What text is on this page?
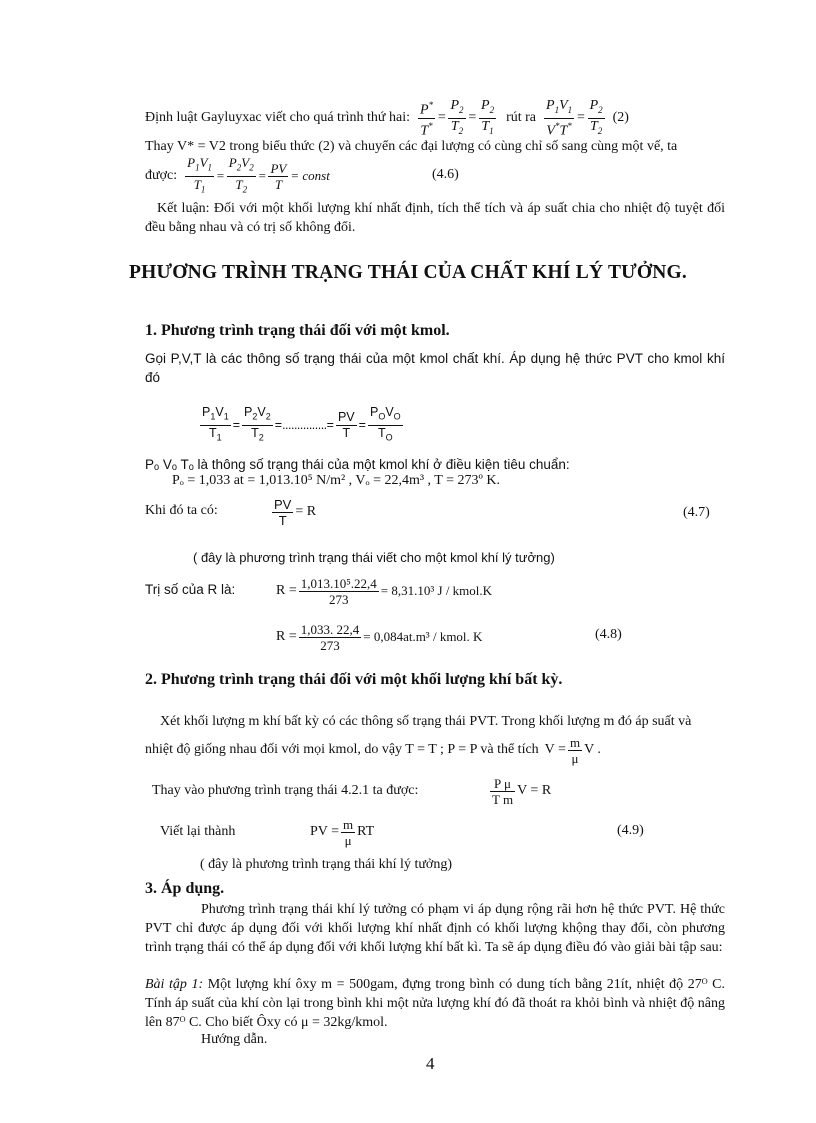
Định luật Gayluyxac viết cho quá trình thứ hai: $\frac{P^*}{T^*} = \frac{P_2}{T_2} = \frac{P_2}{T_1}$ rút ra $\frac{P_1V_1}{V^*T^*} = \frac{P_2}{T_2} (2)$
Thay V* = V2 trong biểu thức (2) và chuyển các đại lượng có cùng chỉ số sang cùng một vế, ta
được: $\frac{P_1V_1}{T_1} = \frac{P_2V_2}{T_2} = \frac{PV}{T}$ = const	(4.6)
Kết luận: Đối với một khối lượng khí nhất định, tích thể tích và áp suất chia cho nhiệt độ tuyệt đối đều bằng nhau và có trị số không đổi.
PHƯƠNG TRÌNH TRẠNG THÁI CỦA CHẤT KHÍ LÝ TƯỞNG.
1. Phương trình trạng thái đối với một kmol.
Gọi P,V,T là các thông số trạng thái của một kmol chất khí. Áp dụng hệ thức PVT cho kmol khí đó
$\frac{P_1V_1}{T_1} = \frac{P_2V_2}{T_2}$ = ............... = $\frac{PV}{T} = \frac{P_OV_O}{T_O}$
Pₒ Vₒ Tₒ là thông số trạng thái của một kmol khí ở điều kiện tiêu chuẩn:
Pₒ = 1,033 at = 1,013.10⁵ N/m² , Vₒ = 22,4m³ , T = 273º K.
Khi đó ta có:	$\frac{PV}{T} = R$	(4.7)
( đây là phương trình trạng thái viết cho một kmol khí lý tưởng)
Trị số của R là:	$R = \frac{\text{1,013.10⁵.22,4}}{273} = 8,31.10^3$ J / kmol.K
$R = \frac{1,033. 22,4}{273} = 0,084at.m^3$ / kmol. K	(4.8)
2. Phương trình trạng thái đối với một khối lượng khí bất kỳ.
Xét khối lượng m khí bất kỳ có các thông số trạng thái PVT. Trong khối lượng m đó áp suất và
nhiệt độ giống nhau đối với mọi kmol, do vậy T = T ; P = P và thể tích $V = \frac{m}{\mu}$ V .
Thay vào phương trình trạng thái 4.2.1 ta được:	$\frac{\text{P μ}}{\text{T m}}$ V = R
Viết lại thành	PV = $\frac{m}{\mu}$ RT	(4.9)
( đây là phương trình trạng thái khí lý tưởng)
3. Áp dụng.
Phương trình trạng thái khí lý tưởng có phạm vi áp dụng rộng rãi hơn hệ thức PVT. Hệ thức PVT chỉ được áp dụng đối với khối lượng khí nhất định có khối lượng khộng thay đổi, còn phương trình trạng thái có thể áp dụng đối với khối lượng khí bất kì. Ta sẽ áp dụng điều đó vào giải bài tập sau:
Bài tập 1: Một lượng khí ôxy m = 500gam, đựng trong bình có dung tích bằng 21ít, nhiệt độ 27ᴼ C. Tính áp suất của khí còn lại trong bình khi một nửa lượng khí đó đã thoát ra khỏi bình và nhiệt độ nâng lên 87ᴼ C. Cho biết Ôxy có μ = 32kg/kmol.
Hướng dẫn.
4
